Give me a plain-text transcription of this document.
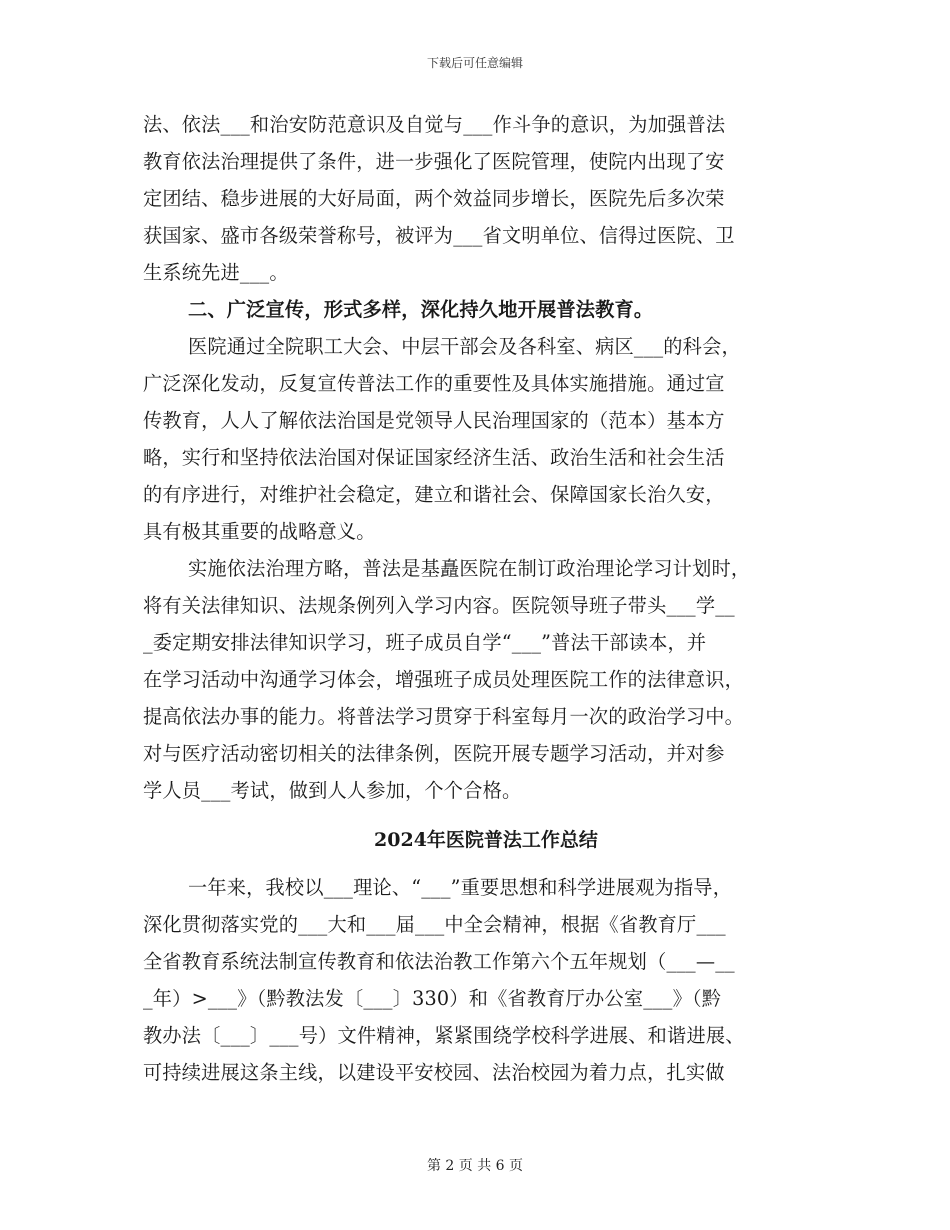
下载后可任意编辑
法、依法___和治安防范意识及自觉与___作斗争的意识，为加强普法
教育依法治理提供了条件，进一步强化了医院管理，使院内出现了安
定团结、稳步进展的大好局面，两个效益同步增长，医院先后多次荣
获国家、盛市各级荣誉称号，被评为___省文明单位、信得过医院、卫
生系统先进___。
二、广泛宣传，形式多样，深化持久地开展普法教育。
医院通过全院职工大会、中层干部会及各科室、病区___的科会，
广泛深化发动，反复宣传普法工作的重要性及具体实施措施。通过宣
传教育，人人了解依法治国是党领导人民治理国家的（范本）基本方
略，实行和坚持依法治国对保证国家经济生活、政治生活和社会生活
的有序进行，对维护社会稳定，建立和谐社会、保障国家长治久安，
具有极其重要的战略意义。
实施依法治理方略，普法是基矗医院在制订政治理论学习计划时，
将有关法律知识、法规条例列入学习内容。医院领导班子带头___学__
_委定期安排法律知识学习，班子成员自学“___”普法干部读本，并
在学习活动中沟通学习体会，增强班子成员处理医院工作的法律意识，
提高依法办事的能力。将普法学习贯穿于科室每月一次的政治学习中。
对与医疗活动密切相关的法律条例，医院开展专题学习活动，并对参
学人员___考试，做到人人参加，个个合格。
2024年医院普法工作总结
一年来，我校以___理论、“___”重要思想和科学进展观为指导，
深化贯彻落实党的___大和___届___中全会精神，根据《省教育厅___
全省教育系统法制宣传教育和依法治教工作第六个五年规划（___—__
_年）>___》（黔教法发〔___〕330）和《省教育厅办公室___》（黔
教办法〔___〕___号）文件精神，紧紧围绕学校科学进展、和谐进展、
可持续进展这条主线，以建设平安校园、法治校园为着力点，扎实做
第 2 页 共 6 页
